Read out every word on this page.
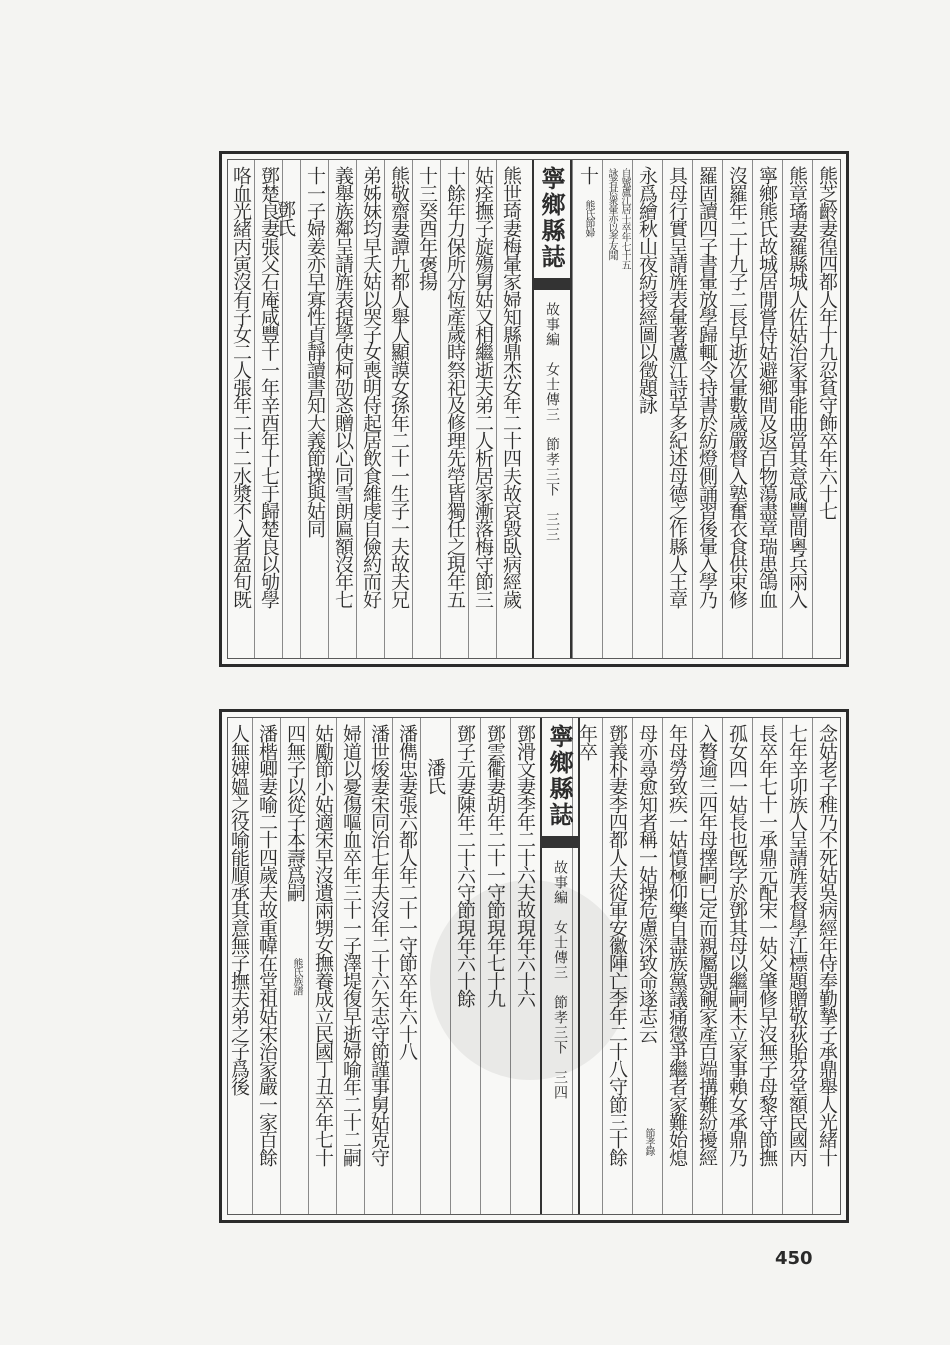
熊芝齡妻徨四都人年十九忍貧守飾卒年六十七
熊章璚妻羅縣城人佐姑治家事能曲當其意咸豐間粵兵兩入
寧鄉熊氏故城居閒嘗侍姑避鄉間及返百物蕩盡章瑞患鴿血
沒羅年二十九子二長早逝次暈數歲嚴督入塾奮衣食供束修
羅固讀四子書暈放學歸輒令持書於紡燈側誦習後暈入學乃
具母行實呈請旌表暈著蘆江詩草多紀述母德之作縣人王章
永爲繪秋山夜紡授經圖以徵題詠
詠者甚衆暈亦以孝友聞 自號蘆江居士卒年七十五
十
熊氏節婦
寧鄉縣誌
故事編　女士傳三　節孝三下　三三
熊世琦妻梅暈家婦知縣鼎杰女年二十四夫故哀毀臥病經歲
姑痊撫子旋殤舅姑又相繼逝夫弟二人析居家漸落梅守節三
十餘年力保所分恆產歲時祭祀及修理先塋皆獨任之現年五
十三癸酉年褒揚
熊敬齋妻譚九都人舉人顯謨女孫年二十一生子一夫故夫兄
弟姊妹均早夭姑以哭子女喪明侍起居飲食維虔自儉約而好
義舉族鄰呈請旌表提學使柯劭忞贈以心同雪朗匾額沒年七
十一子婦姜亦早寡性貞靜讀書知大義節操與姑同
鄧氏
鄧楚良妻張父石庵咸豐十一年辛酉年十七于歸楚良以劬學
咯血光緒丙寅沒有子女二人張年二十二水漿不入者盈旬既
念姑老子稚乃不死姑吳病經年侍奉勤摯子承鼎舉人光緒十
七年辛卯族人呈請旌表督學江標題贈敬荻貽芬堂額民國丙
長卒年七十一承鼎元配宋一姑父肇修早沒無子母黎守節撫
孤女四一姑長也旣字於鄧其母以繼嗣未立家事賴女承鼎乃
入贅逾三四年母擇嗣已定而親屬覬覦家產百端搆難紛擾經
年母勞致疾一姑憤極仰藥自盡族黨議痛懲爭繼者家難始熄
母亦尋愈知者稱一姑操危慮深致命遂志云
節孝錄
鄧義朴妻李四都人夫從軍安徽陣亡李年二十八守節三十餘
年卒
寧鄉縣誌
故事編　女士傳三　節孝三下　三四
鄧滑文妻李年二十六夫故現年六十六
鄧雲衢妻胡年二十一守節現年七十九
鄧子元妻陳年二十六守節現年六十餘
潘氏
潘儁忠妻張六都人年二十一守節卒年六十八
潘世焌妻宋同治七年夫沒年二十六矢志守節謹事舅姑克守
婦道以憂傷嘔血卒年三十一子澤堤復早逝婦喻年二十二嗣
姑勵節小姑適宋早沒遺兩甥女撫養成立民國丁丑卒年七十
四無子以從子本燾爲嗣
熊氏族譜
潘楷卿妻喻二十四歲夫故重幃在堂祖姑宋治家嚴一家百餘
人無婢媼之役喻能順承其意無子撫夫弟之子爲後
450
